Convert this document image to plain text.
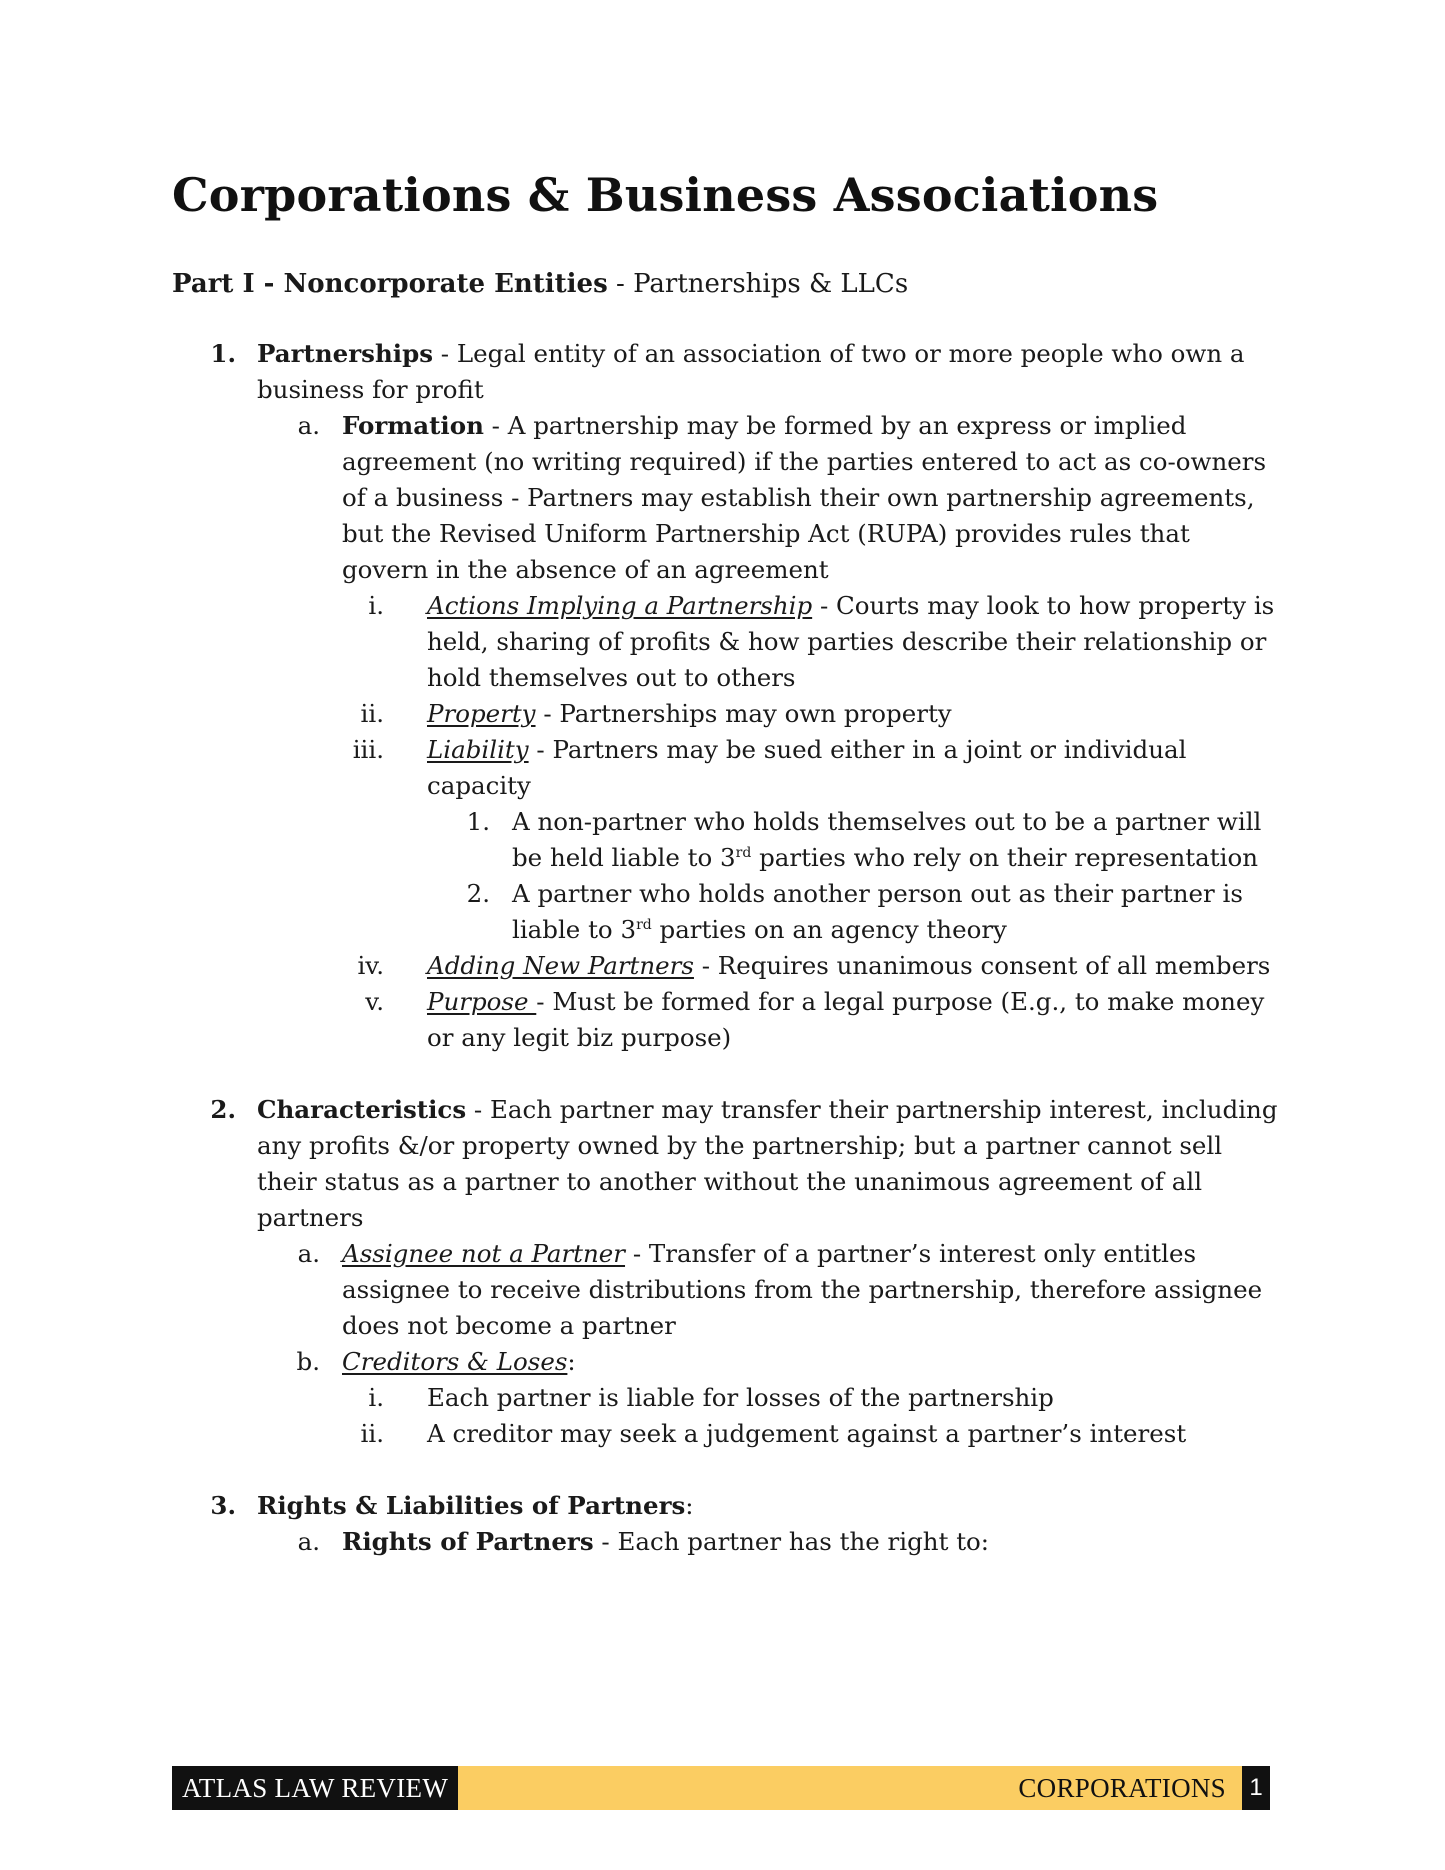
Corporations & Business Associations
Part I - Noncorporate Entities - Partnerships & LLCs
1. Partnerships - Legal entity of an association of two or more people who own a business for profit
a. Formation - A partnership may be formed by an express or implied agreement (no writing required) if the parties entered to act as co-owners of a business - Partners may establish their own partnership agreements, but the Revised Uniform Partnership Act (RUPA) provides rules that govern in the absence of an agreement
i. Actions Implying a Partnership - Courts may look to how property is held, sharing of profits & how parties describe their relationship or hold themselves out to others
ii. Property - Partnerships may own property
iii. Liability - Partners may be sued either in a joint or individual capacity
1. A non-partner who holds themselves out to be a partner will be held liable to 3rd parties who rely on their representation
2. A partner who holds another person out as their partner is liable to 3rd parties on an agency theory
iv. Adding New Partners - Requires unanimous consent of all members
v. Purpose - Must be formed for a legal purpose (E.g., to make money or any legit biz purpose)
2. Characteristics - Each partner may transfer their partnership interest, including any profits &/or property owned by the partnership; but a partner cannot sell their status as a partner to another without the unanimous agreement of all partners
a. Assignee not a Partner - Transfer of a partner’s interest only entitles assignee to receive distributions from the partnership, therefore assignee does not become a partner
b. Creditors & Loses:
i. Each partner is liable for losses of the partnership
ii. A creditor may seek a judgement against a partner’s interest
3. Rights & Liabilities of Partners:
a. Rights of Partners - Each partner has the right to:
ATLAS LAW REVIEW	CORPORATIONS 1
